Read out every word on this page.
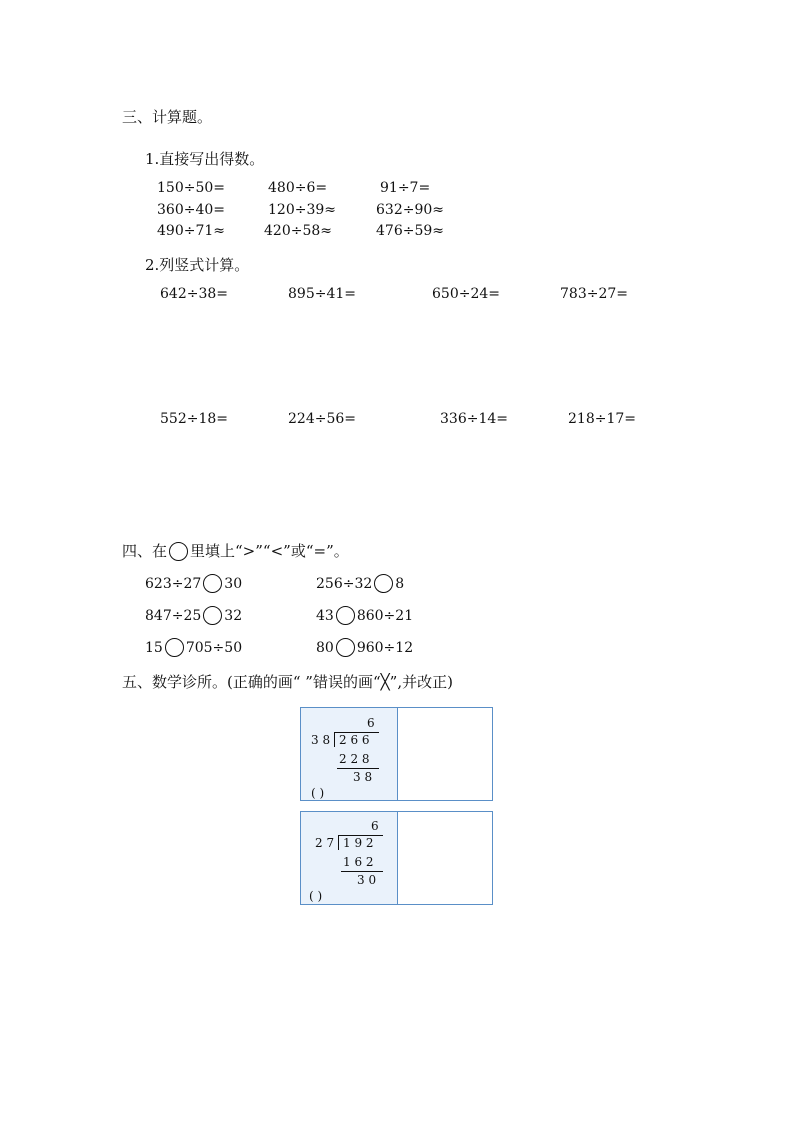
三、计算题。
1.直接写出得数。
150÷50=	480÷6=	91÷7=
360÷40=	120÷39≈	632÷90≈
490÷71≈	420÷58≈	476÷59≈
2.列竖式计算。
642÷38=	895÷41=	650÷24=	783÷27=
552÷18=	224÷56=	336÷14=	218÷17=
四、在 里填上“>”“<”或“=”。
623÷27 30	256÷32 8
847÷25 32	43 860÷21
15 705÷50	80 960÷12
五、数学诊所。(正确的画“ ”错误的画“╳”,并改正)
6
3 8 2 6 6
2 2 8
3 8
( )
6
2 7 1 9 2
1 6 2
3 0
( )
